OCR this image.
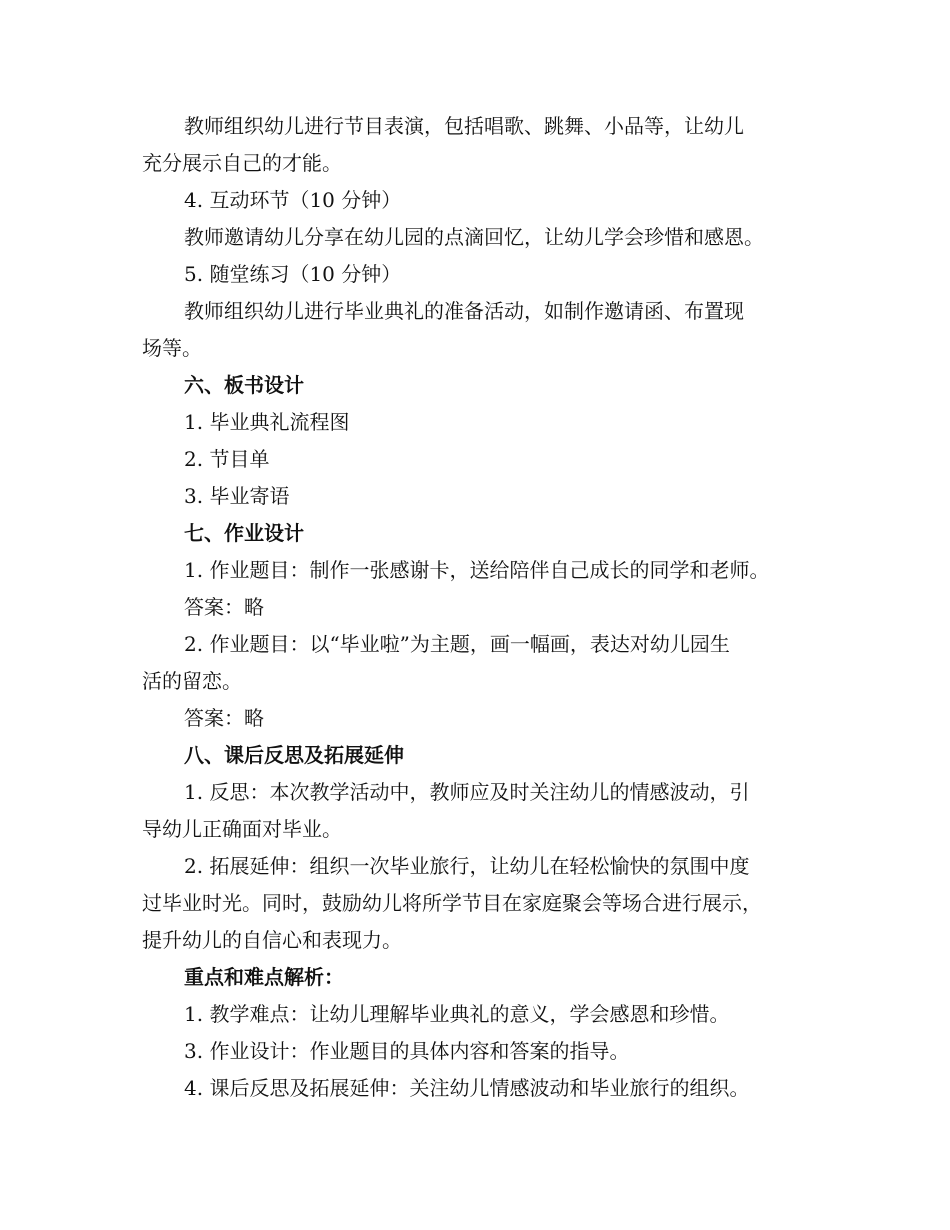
教师组织幼儿进行节目表演，包括唱歌、跳舞、小品等，让幼儿
充分展示自己的才能。
4. 互动环节（10 分钟）
教师邀请幼儿分享在幼儿园的点滴回忆，让幼儿学会珍惜和感恩。
5. 随堂练习（10 分钟）
教师组织幼儿进行毕业典礼的准备活动，如制作邀请函、布置现
场等。
六、板书设计
1. 毕业典礼流程图
2. 节目单
3. 毕业寄语
七、作业设计
1. 作业题目：制作一张感谢卡，送给陪伴自己成长的同学和老师。
答案：略
2. 作业题目：以“毕业啦”为主题，画一幅画，表达对幼儿园生
活的留恋。
答案：略
八、课后反思及拓展延伸
1. 反思：本次教学活动中，教师应及时关注幼儿的情感波动，引
导幼儿正确面对毕业。
2. 拓展延伸：组织一次毕业旅行，让幼儿在轻松愉快的氛围中度
过毕业时光。同时，鼓励幼儿将所学节目在家庭聚会等场合进行展示，
提升幼儿的自信心和表现力。
重点和难点解析：
1. 教学难点：让幼儿理解毕业典礼的意义，学会感恩和珍惜。
3. 作业设计：作业题目的具体内容和答案的指导。
4. 课后反思及拓展延伸：关注幼儿情感波动和毕业旅行的组织。
